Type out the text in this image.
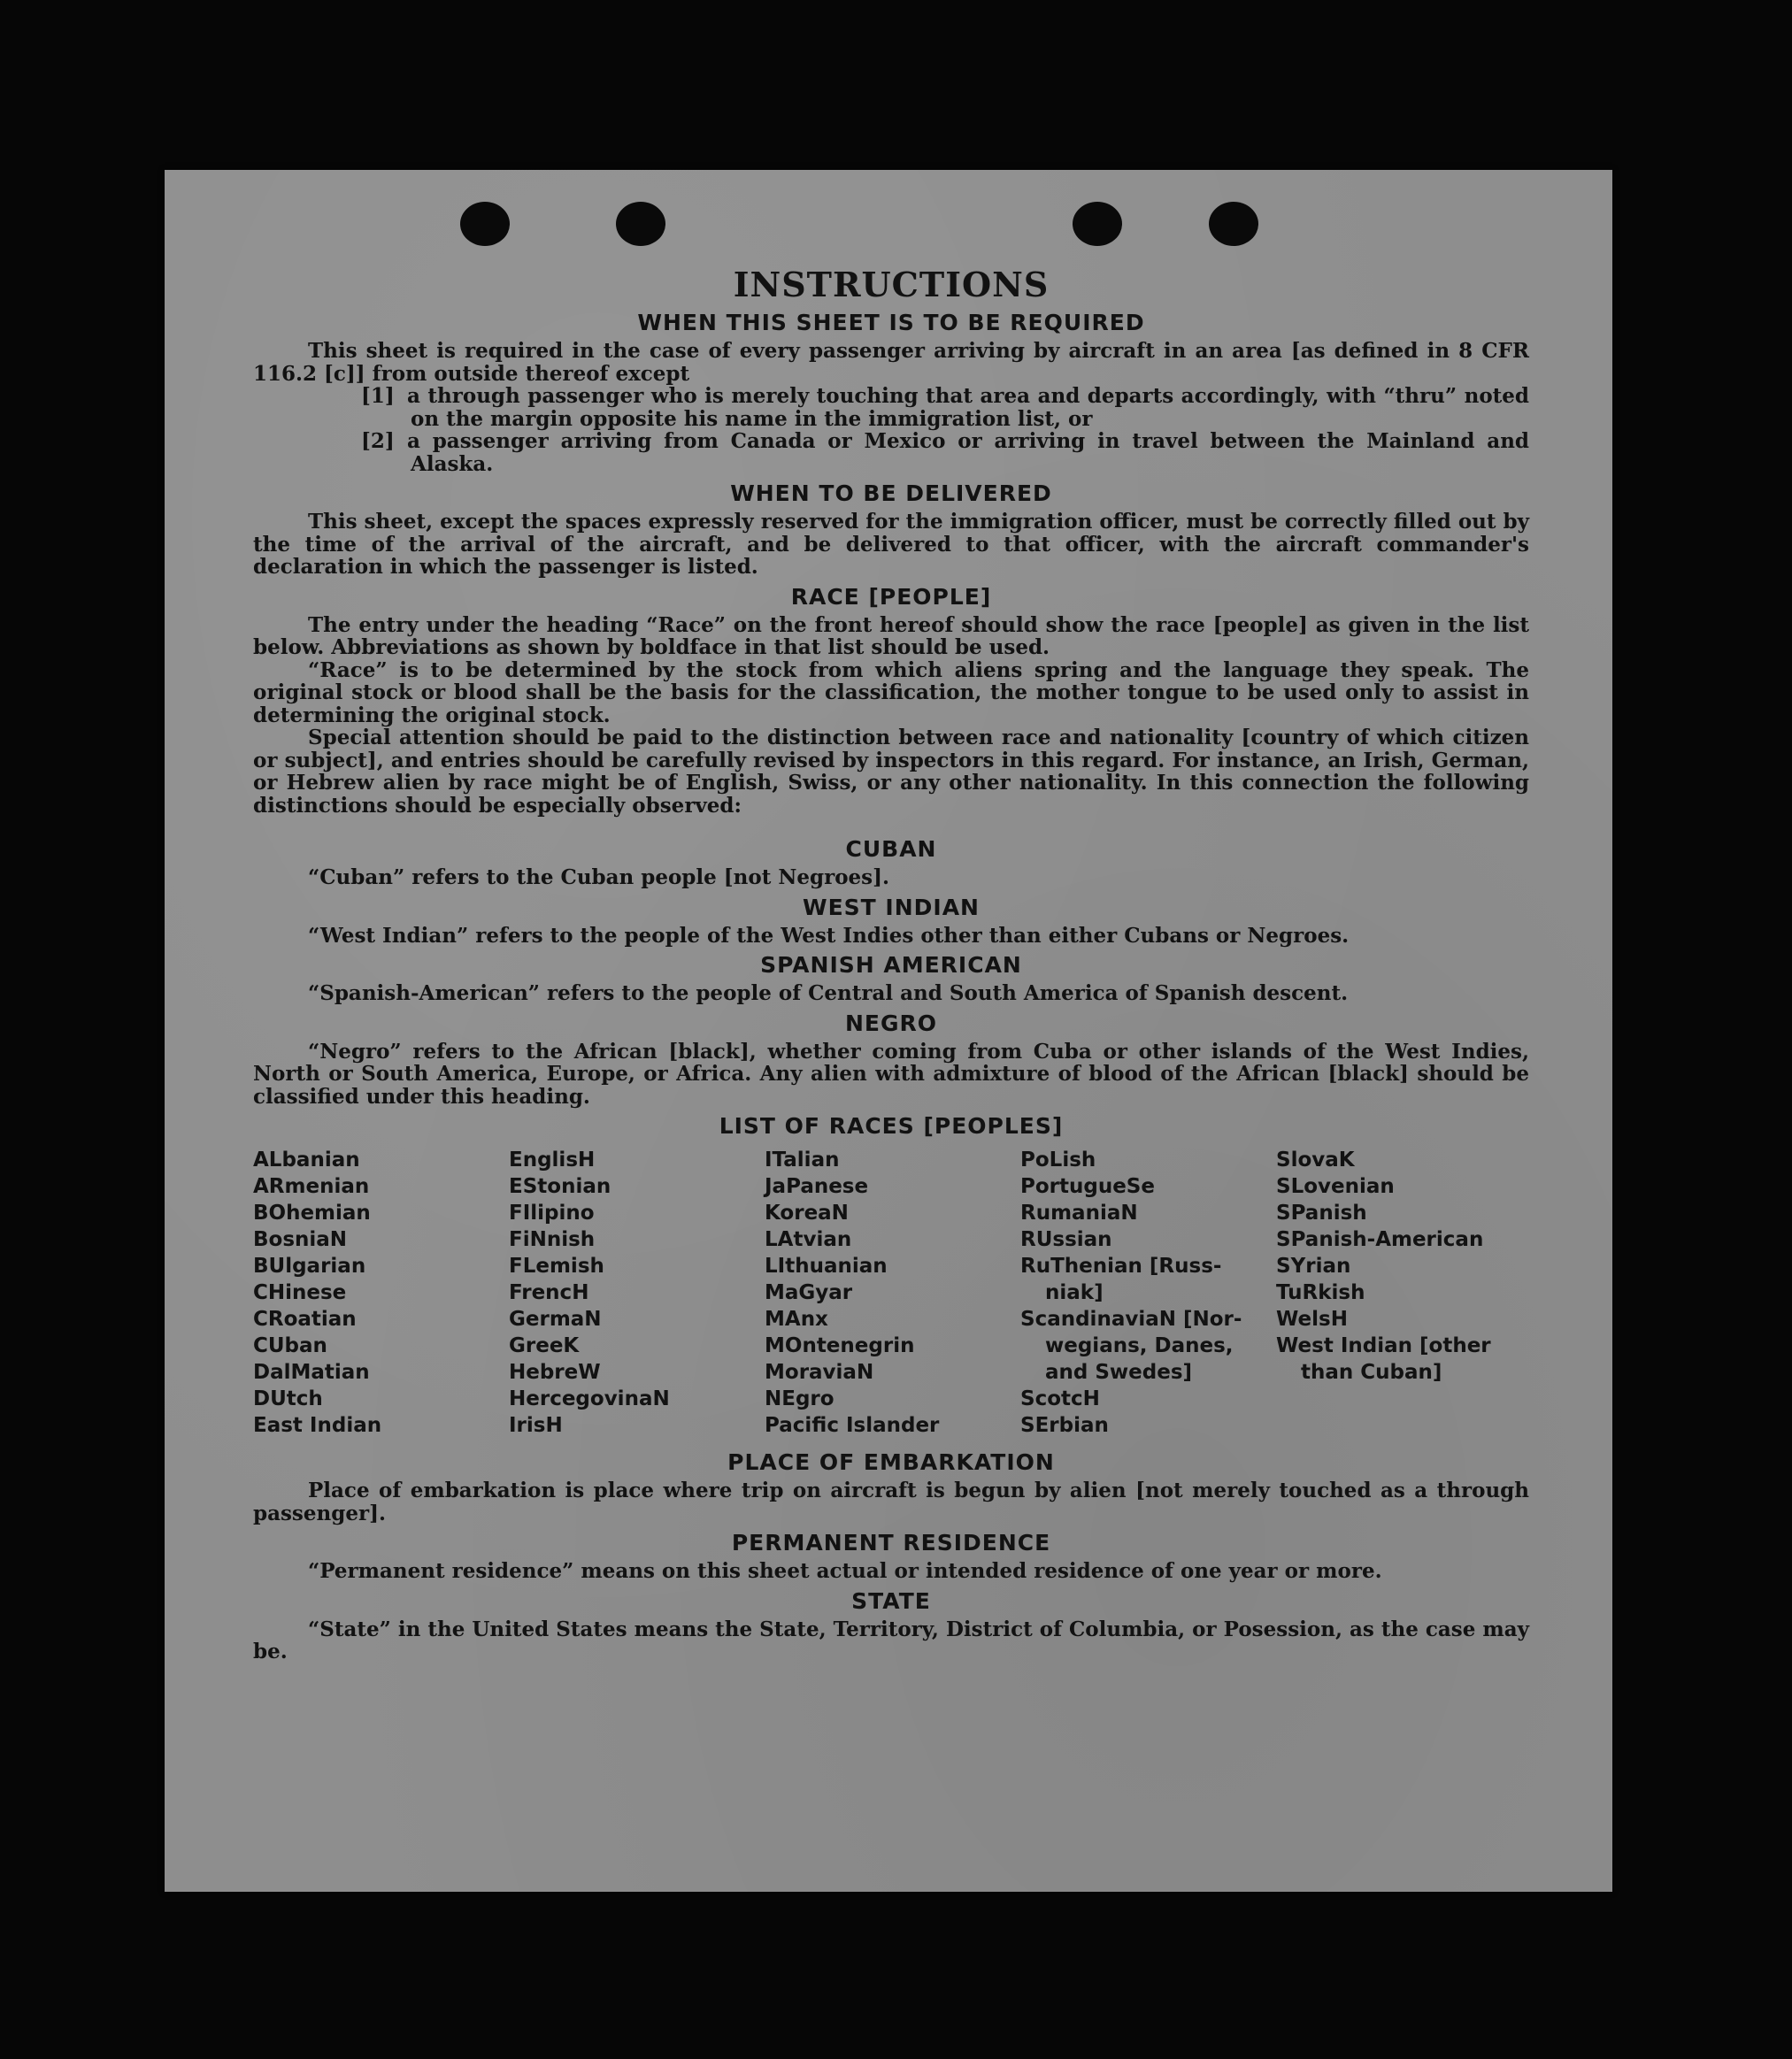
INSTRUCTIONS
WHEN THIS SHEET IS TO BE REQUIRED

This sheet is required in the case of every passenger arriving by aircraft in an area [as defined in 8 CFR 116.2 [c]] from outside thereof except

[1] a through passenger who is merely touching that area and departs accordingly, with “thru” noted on the margin opposite his name in the immigration list, or

[2] a passenger arriving from Canada or Mexico or arriving in travel between the Mainland and Alaska.

WHEN TO BE DELIVERED

This sheet, except the spaces expressly reserved for the immigration officer, must be correctly filled out by the time of the arrival of the aircraft, and be delivered to that officer, with the aircraft commander's declaration in which the passenger is listed.

RACE [PEOPLE]

The entry under the heading “Race” on the front hereof should show the race [people] as given in the list below. Abbreviations as shown by boldface in that list should be used.

“Race” is to be determined by the stock from which aliens spring and the language they speak. The original stock or blood shall be the basis for the classification, the mother tongue to be used only to assist in determining the original stock.

Special attention should be paid to the distinction between race and nationality [country of which citizen or subject], and entries should be carefully revised by inspectors in this regard. For instance, an Irish, German, or Hebrew alien by race might be of English, Swiss, or any other nationality. In this connection the following distinctions should be especially observed:

CUBAN

“Cuban” refers to the Cuban people [not Negroes].

WEST INDIAN

“West Indian” refers to the people of the West Indies other than either Cubans or Negroes.

SPANISH AMERICAN

“Spanish-American” refers to the people of Central and South America of Spanish descent.

NEGRO

“Negro” refers to the African [black], whether coming from Cuba or other islands of the West Indies, North or South America, Europe, or Africa. Any alien with admixture of blood of the African [black] should be classified under this heading.

LIST OF RACES [PEOPLES]
ALbanian
ARmenian
BOhemian
BosniaN
BUlgarian
CHinese
CRoatian
CUban
DalMatian
DUtch
East Indian
EnglisH
EStonian
FIlipino
FiNnish
FLemish
FrencH
GermaN
GreeK
HebreW
HercegovinaN
IrisH
ITalian
JaPanese
KoreaN
LAtvian
LIthuanian
MaGyar
MAnx
MOntenegrin
MoraviaN
NEgro
Pacific Islander
PoLish
PortugueSe
RumaniaN
RUssian
RuThenian [Russ-
niak]
ScandinaviaN [Nor-
wegians, Danes,
and Swedes]
ScotcH
SErbian
SlovaK
SLovenian
SPanish
SPanish-American
SYrian
TuRkish
WelsH
West Indian [other
than Cuban]
PLACE OF EMBARKATION

Place of embarkation is place where trip on aircraft is begun by alien [not merely touched as a through passenger].

PERMANENT RESIDENCE

“Permanent residence” means on this sheet actual or intended residence of one year or more.

STATE

“State” in the United States means the State, Territory, District of Columbia, or Posession, as the case may be.
